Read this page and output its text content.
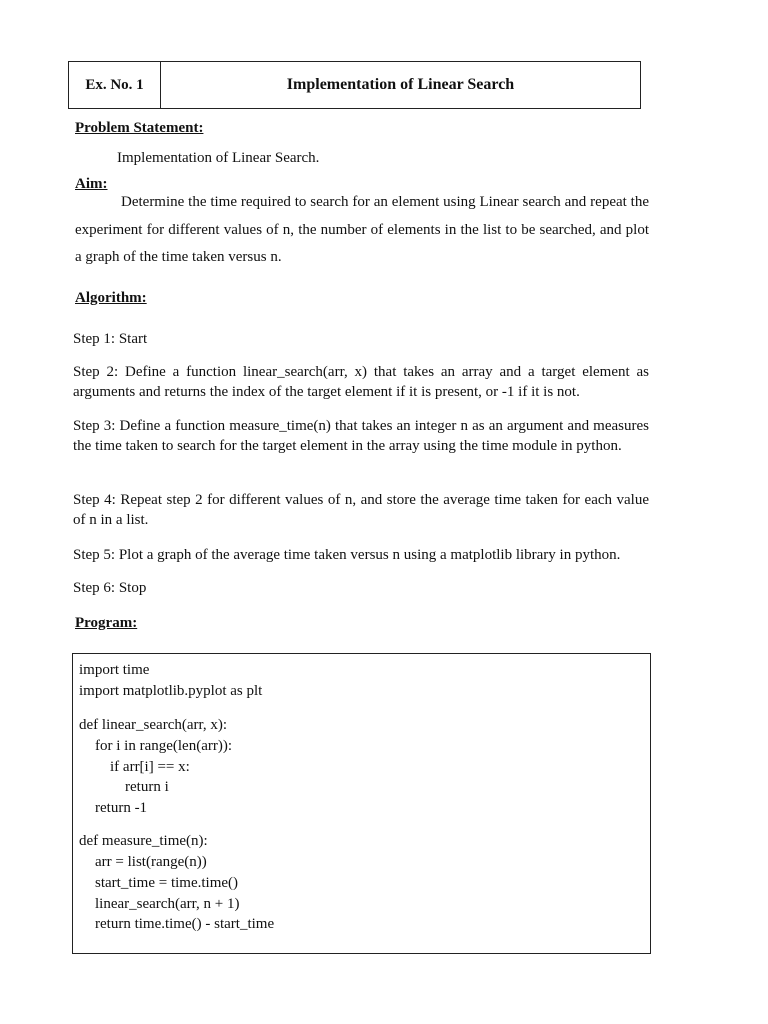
Ex. No. 1	Implementation of Linear Search
Problem Statement:
Implementation of Linear Search.
Aim:
Determine the time required to search for an element using Linear search and repeat the experiment for different values of n, the number of elements in the list to be searched, and plot a graph of the time taken versus n.
Algorithm:
Step 1: Start
Step 2: Define a function linear_search(arr, x) that takes an array and a target element as arguments and returns the index of the target element if it is present, or -1 if it is not.
Step 3: Define a function measure_time(n) that takes an integer n as an argument and measures the time taken to search for the target element in the array using the time module in python.
Step 4: Repeat step 2 for different values of n, and store the average time taken for each value of n in a list.
Step 5: Plot a graph of the average time taken versus n using a matplotlib library in python.
Step 6: Stop
Program:
import time
import matplotlib.pyplot as plt
def linear_search(arr, x):
for i in range(len(arr)):
if arr[i] == x:
return i
return -1
def measure_time(n):
arr = list(range(n))
start_time = time.time()
linear_search(arr, n + 1)
return time.time() - start_time
